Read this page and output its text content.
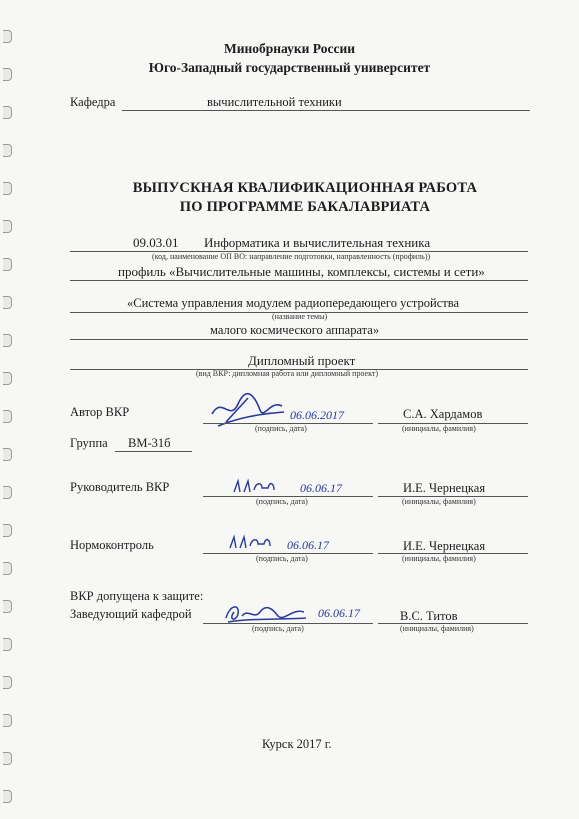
Минобрнауки России
Юго-Западный государственный университет
Кафедра	вычислительной техники
ВЫПУСКНАЯ КВАЛИФИКАЦИОННАЯ РАБОТА
ПО ПРОГРАММЕ БАКАЛАВРИАТА
09.03.01 Информатика и вычислительная техника
(код, наименование ОП ВО: направление подготовки, направленность (профиль))
профиль «Вычислительные машины, комплексы, системы и сети»
«Система управления модулем радиопередающего устройства
(название темы)
малого космического аппарата»
Дипломный проект
(вид ВКР: дипломная работа или дипломный проект)
Автор ВКР	06.06.2017
(подпись, дата)
С.А. Хардамов
(инициалы, фамилия)
Группа ВМ-31б
Руководитель ВКР	06.06.17
(подпись, дата)
И.Е. Чернецкая
(инициалы, фамилия)
Нормоконтроль	06.06.17
(подпись, дата)
И.Е. Чернецкая
(инициалы, фамилия)
ВКР допущена к защите:
Заведующий кафедрой	06.06.17
(подпись, дата)
В.С. Титов
(инициалы, фамилия)
Курск 2017 г.
